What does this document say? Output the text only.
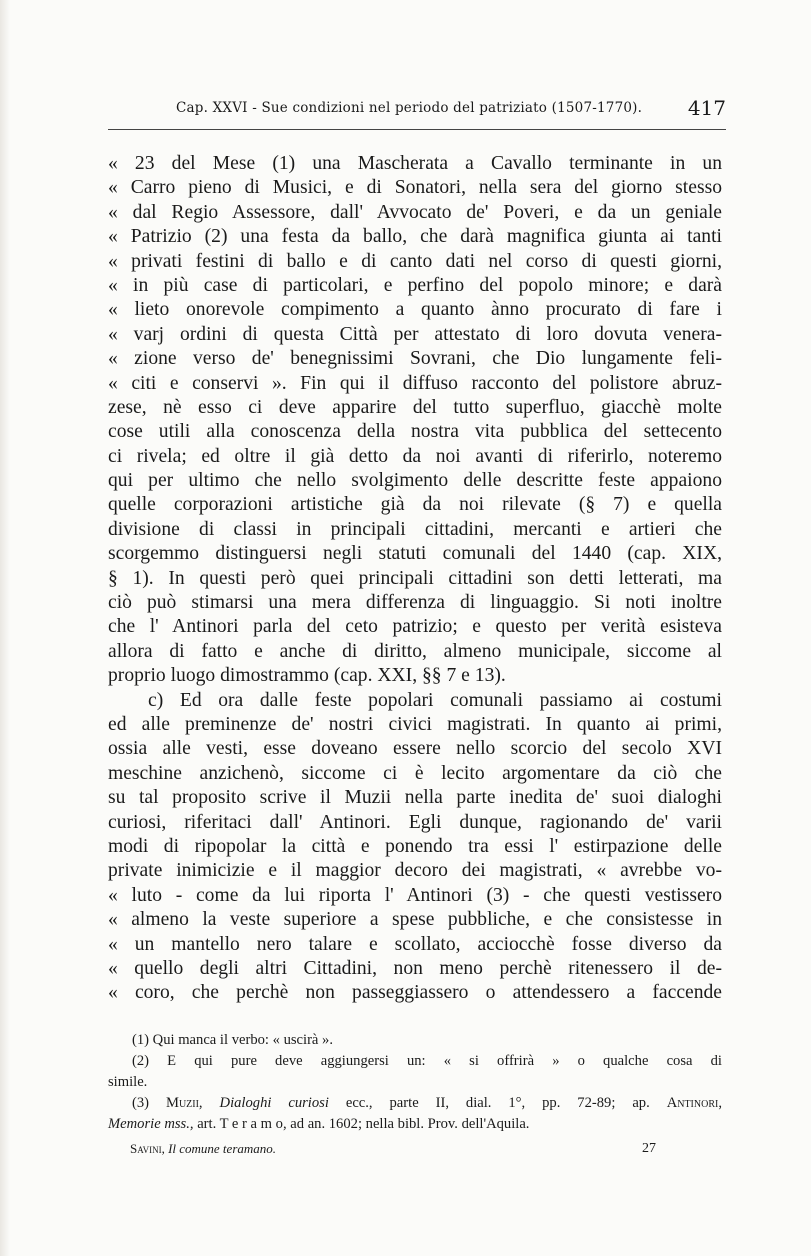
Cap. XXVI - Sue condizioni nel periodo del patriziato (1507-1770). 417
« 23 del Mese (1) una Mascherata a Cavallo terminante in un
« Carro pieno di Musici, e di Sonatori, nella sera del giorno stesso
« dal Regio Assessore, dall' Avvocato de' Poveri, e da un geniale
« Patrizio (2) una festa da ballo, che darà magnifica giunta ai tanti
« privati festini di ballo e di canto dati nel corso di questi giorni,
« in più case di particolari, e perfino del popolo minore; e darà
« lieto onorevole compimento a quanto ànno procurato di fare i
« varj ordini di questa Città per attestato di loro dovuta venera-
« zione verso de' benegnissimi Sovrani, che Dio lungamente feli-
« citi e conservi ». Fin qui il diffuso racconto del polistore abruz-
zese, nè esso ci deve apparire del tutto superfluo, giacchè molte
cose utili alla conoscenza della nostra vita pubblica del settecento
ci rivela; ed oltre il già detto da noi avanti di riferirlo, noteremo
qui per ultimo che nello svolgimento delle descritte feste appaiono
quelle corporazioni artistiche già da noi rilevate (§ 7) e quella
divisione di classi in principali cittadini, mercanti e artieri che
scorgemmo distinguersi negli statuti comunali del 1440 (cap. XIX,
§ 1). In questi però quei principali cittadini son detti letterati, ma
ciò può stimarsi una mera differenza di linguaggio. Si noti inoltre
che l' Antinori parla del ceto patrizio; e questo per verità esisteva
allora di fatto e anche di diritto, almeno municipale, siccome al
proprio luogo dimostrammo (cap. XXI, §§ 7 e 13).
c) Ed ora dalle feste popolari comunali passiamo ai costumi
ed alle preminenze de' nostri civici magistrati. In quanto ai primi,
ossia alle vesti, esse doveano essere nello scorcio del secolo XVI
meschine anzichenò, siccome ci è lecito argomentare da ciò che
su tal proposito scrive il Muzii nella parte inedita de' suoi dialoghi
curiosi, riferitaci dall' Antinori. Egli dunque, ragionando de' varii
modi di ripopolar la città e ponendo tra essi l' estirpazione delle
private inimicizie e il maggior decoro dei magistrati, « avrebbe vo-
« luto - come da lui riporta l' Antinori (3) - che questi vestissero
« almeno la veste superiore a spese pubbliche, e che consistesse in
« un mantello nero talare e scollato, acciocchè fosse diverso da
« quello degli altri Cittadini, non meno perchè ritenessero il de-
« coro, che perchè non passeggiassero o attendessero a faccende
(1) Qui manca il verbo: « uscirà ».
(2) E qui pure deve aggiungersi un: « si offrirà » o qualche cosa di
simile.
(3) Muzii, Dialoghi curiosi ecc., parte II, dial. 1°, pp. 72-89; ap. Antinori,
Memorie mss., art. T e r a m o, ad an. 1602; nella bibl. Prov. dell'Aquila.
Savini, Il comune teramano.	27
